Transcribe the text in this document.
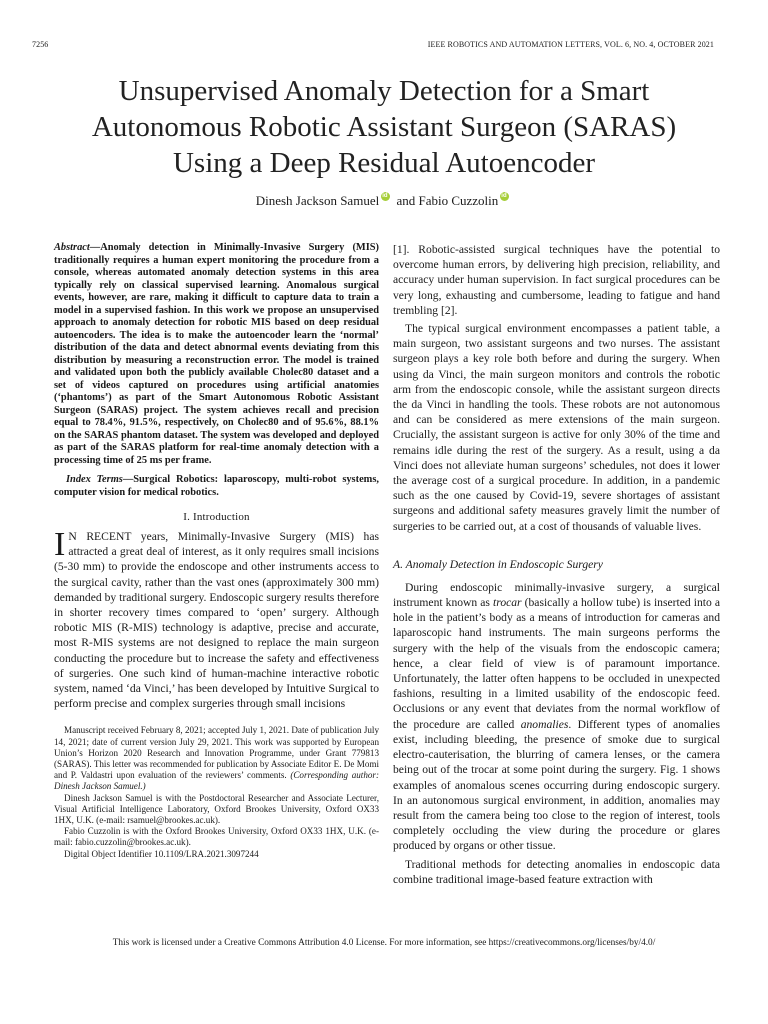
7256	IEEE ROBOTICS AND AUTOMATION LETTERS, VOL. 6, NO. 4, OCTOBER 2021
Unsupervised Anomaly Detection for a Smart
Autonomous Robotic Assistant Surgeon (SARAS)
Using a Deep Residual Autoencoder
Dinesh Jackson Samuelid and Fabio Cuzzolinid

Abstract—Anomaly detection in Minimally-Invasive Surgery (MIS) traditionally requires a human expert monitoring the procedure from a console, whereas automated anomaly detection systems in this area typically rely on classical supervised learning. Anomalous surgical events, however, are rare, making it difficult to capture data to train a model in a supervised fashion. In this work we propose an unsupervised approach to anomaly detection for robotic MIS based on deep residual autoencoders. The idea is to make the autoencoder learn the ‘normal’ distribution of the data and detect abnormal events deviating from this distribution by measuring a reconstruction error. The model is trained and validated upon both the publicly available Cholec80 dataset and a set of videos captured on procedures using artificial anatomies (‘phantoms’) as part of the Smart Autonomous Robotic Assistant Surgeon (SARAS) project. The system achieves recall and precision equal to 78.4%, 91.5%, respectively, on Cholec80 and of 95.6%, 88.1% on the SARAS phantom dataset. The system was developed and deployed as part of the SARAS platform for real-time anomaly detection with a processing time of 25 ms per frame.

Index Terms—Surgical Robotics: laparoscopy, multi-robot systems, computer vision for medical robotics.

I. Introduction

I N RECENT years, Minimally-Invasive Surgery (MIS) has attracted a great deal of interest, as it only requires small incisions (5-30 mm) to provide the endoscope and other instruments access to the surgical cavity, rather than the vast ones (approximately 300 mm) demanded by traditional surgery. Endoscopic surgery results therefore in shorter recovery times compared to ‘open’ surgery. Although robotic MIS (R-MIS) technology is adaptive, precise and accurate, most R-MIS systems are not designed to replace the main surgeon conducting the procedure but to increase the safety and effectiveness of surgeries. One such kind of human-machine interactive robotic system, named ‘da Vinci,’ has been developed by Intuitive Surgical to perform precise and complex surgeries through small incisions

Manuscript received February 8, 2021; accepted July 1, 2021. Date of publication July 14, 2021; date of current version July 29, 2021. This work was supported by European Union’s Horizon 2020 Research and Innovation Programme, under Grant 779813 (SARAS). This letter was recommended for publication by Associate Editor E. De Momi and P. Valdastri upon evaluation of the reviewers’ comments. (Corresponding author: Dinesh Jackson Samuel.)

Dinesh Jackson Samuel is with the Postdoctoral Researcher and Associate Lecturer, Visual Artificial Intelligence Laboratory, Oxford Brookes University, Oxford OX33 1HX, U.K. (e-mail: rsamuel@brookes.ac.uk).

Fabio Cuzzolin is with the Oxford Brookes University, Oxford OX33 1HX, U.K. (e-mail: fabio.cuzzolin@brookes.ac.uk).

Digital Object Identifier 10.1109/LRA.2021.3097244

[1]. Robotic-assisted surgical techniques have the potential to overcome human errors, by delivering high precision, reliability, and accuracy under human supervision. In fact surgical procedures can be very long, exhausting and cumbersome, leading to fatigue and hand trembling [2].

The typical surgical environment encompasses a patient table, a main surgeon, two assistant surgeons and two nurses. The assistant surgeon plays a key role both before and during the surgery. When using da Vinci, the main surgeon monitors and controls the robotic arm from the endoscopic console, while the assistant surgeon directs the da Vinci in handling the tools. These robots are not autonomous and can be considered as mere extensions of the main surgeon. Crucially, the assistant surgeon is active for only 30% of the time and remains idle during the rest of the surgery. As a result, using a da Vinci does not alleviate human surgeons’ schedules, not does it lower the average cost of a surgical procedure. In addition, in a pandemic such as the one caused by Covid-19, severe shortages of assistant surgeons and additional safety measures gravely limit the number of surgeries to be carried out, at a cost of thousands of valuable lives.

A. Anomaly Detection in Endoscopic Surgery

During endoscopic minimally-invasive surgery, a surgical instrument known as trocar (basically a hollow tube) is inserted into a hole in the patient’s body as a means of introduction for cameras and laparoscopic hand instruments. The main surgeons performs the surgery with the help of the visuals from the endoscopic camera; hence, a clear field of view is of paramount importance. Unfortunately, the latter often happens to be occluded in unexpected fashions, resulting in a limited usability of the endoscopic feed. Occlusions or any event that deviates from the normal workflow of the procedure are called anomalies. Different types of anomalies exist, including bleeding, the presence of smoke due to surgical electro-cauterisation, the blurring of camera lenses, or the camera being out of the trocar at some point during the surgery. Fig. 1 shows examples of anomalous scenes occurring during endoscopic surgery. In an autonomous surgical environment, in addition, anomalies may result from the camera being too close to the region of interest, tools completely occluding the view during the procedure or glares produced by organs or other tissue.

Traditional methods for detecting anomalies in endoscopic data combine traditional image-based feature extraction with

This work is licensed under a Creative Commons Attribution 4.0 License. For more information, see https://creativecommons.org/licenses/by/4.0/
